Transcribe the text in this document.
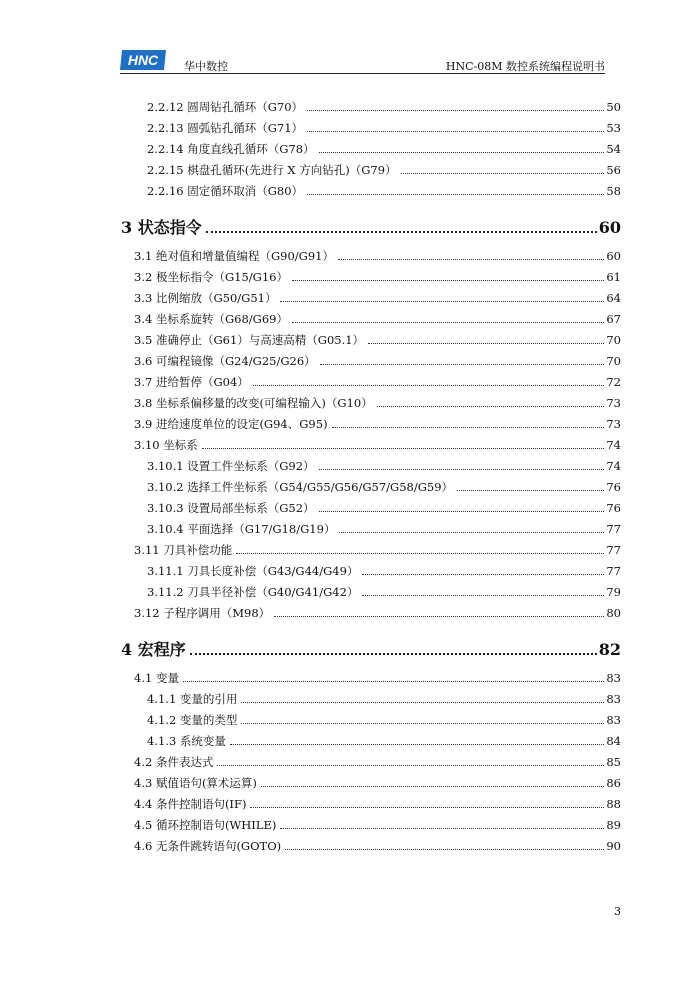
HNC 华中数控	HNC-08M 数控系统编程说明书
2.2.12 圆周钻孔循环（G70）	50
2.2.13 圆弧钻孔循环（G71）	53
2.2.14 角度直线孔循环（G78）	54
2.2.15 棋盘孔循环(先进行 X 方向钻孔)（G79）	56
2.2.16 固定循环取消（G80）	58
3 状态指令	60
3.1 绝对值和增量值编程（G90/G91）	60
3.2 极坐标指令（G15/G16）	61
3.3 比例缩放（G50/G51）	64
3.4 坐标系旋转（G68/G69）	67
3.5 准确停止（G61）与高速高精（G05.1）	70
3.6 可编程镜像（G24/G25/G26）	70
3.7 进给暂停（G04）	72
3.8 坐标系偏移量的改变(可编程输入)（G10）	73
3.9 进给速度单位的设定(G94、G95)	73
3.10 坐标系	74
3.10.1 设置工件坐标系（G92）	74
3.10.2 选择工件坐标系（G54/G55/G56/G57/G58/G59）	76
3.10.3 设置局部坐标系（G52）	76
3.10.4 平面选择（G17/G18/G19）	77
3.11 刀具补偿功能	77
3.11.1 刀具长度补偿（G43/G44/G49）	77
3.11.2 刀具半径补偿（G40/G41/G42）	79
3.12 子程序调用（M98）	80
4 宏程序	82
4.1 变量	83
4.1.1 变量的引用	83
4.1.2 变量的类型	83
4.1.3 系统变量	84
4.2 条件表达式	85
4.3 赋值语句(算术运算)	86
4.4 条件控制语句(IF)	88
4.5 循环控制语句(WHILE)	89
4.6 无条件跳转语句(GOTO)	90
3
